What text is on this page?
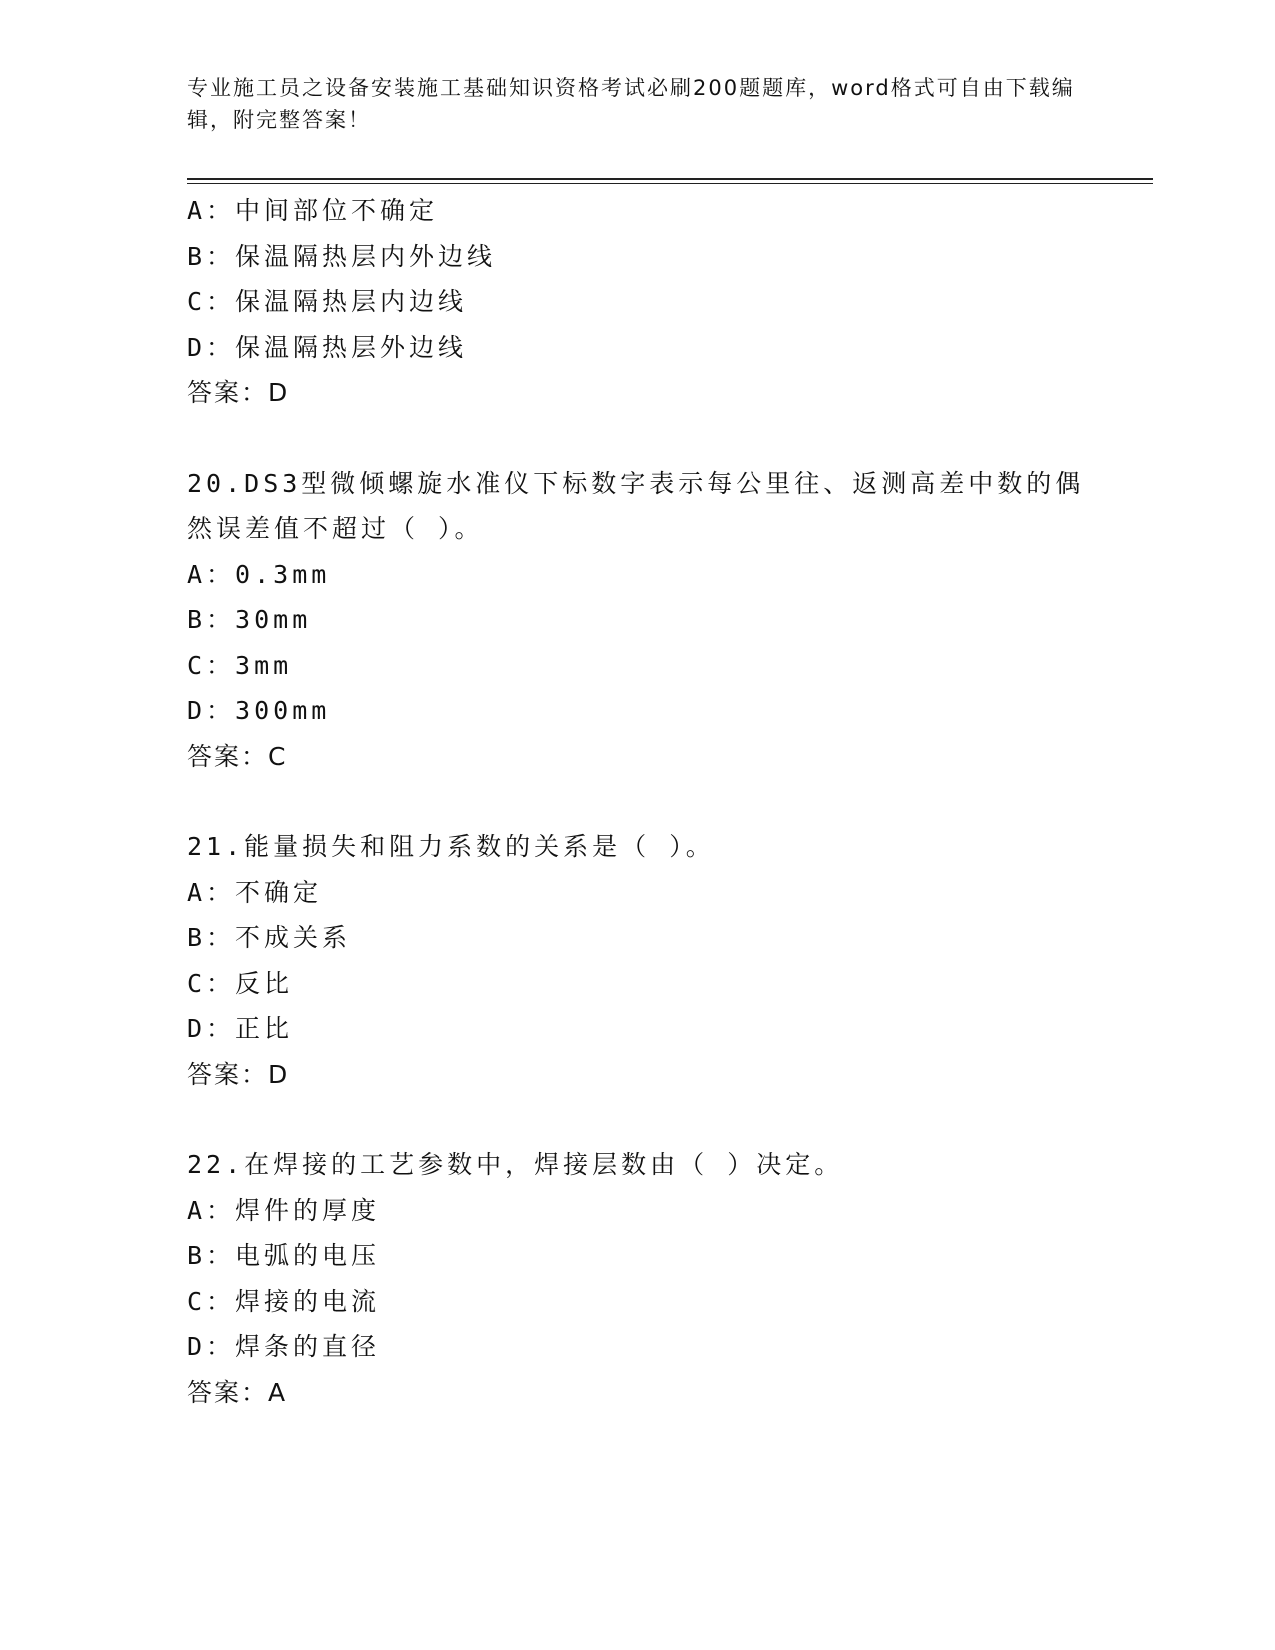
专业施工员之设备安装施工基础知识资格考试必刷200题题库，word格式可自由下载编辑，附完整答案！
A：中间部位不确定
B：保温隔热层内外边线
C：保温隔热层内边线
D：保温隔热层外边线
答案：D
20.DS3型微倾螺旋水准仪下标数字表示每公里往、返测高差中数的偶然误差值不超过（ ）。
A：0.3mm
B：30mm
C：3mm
D：300mm
答案：C
21.能量损失和阻力系数的关系是（ ）。
A：不确定
B：不成关系
C：反比
D：正比
答案：D
22.在焊接的工艺参数中，焊接层数由（ ）决定。
A：焊件的厚度
B：电弧的电压
C：焊接的电流
D：焊条的直径
答案：A
